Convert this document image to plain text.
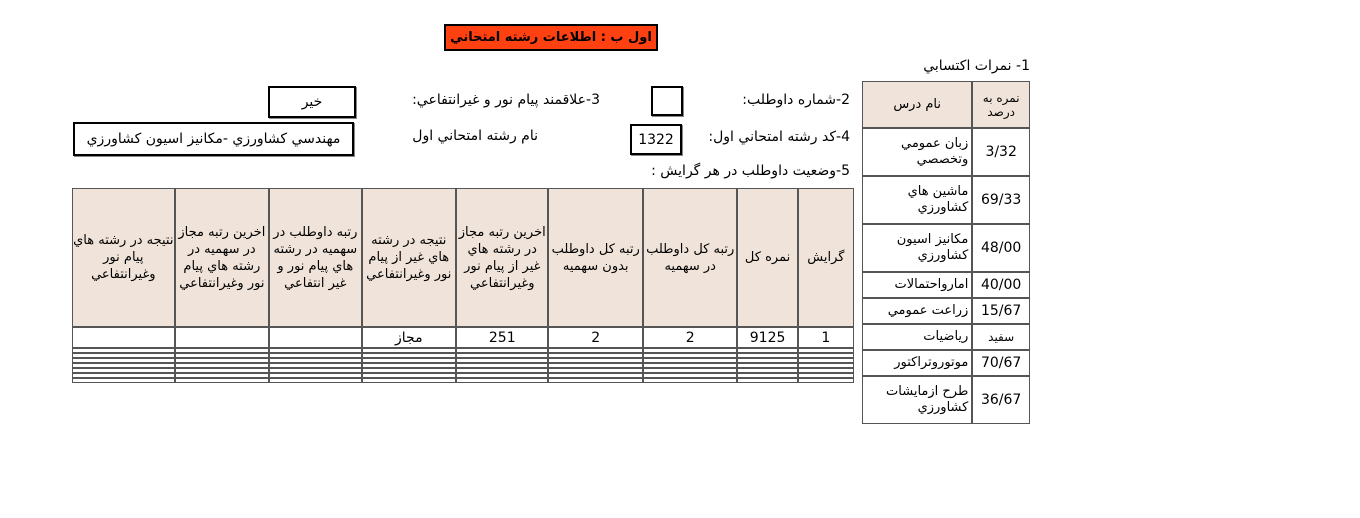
اول ب : اطلاعات رشته امتحاني
1- نمرات اكتسابي
نمره به درصد	نام درس
3/32	زبان عمومي وتخصصي
69/33	ماشين هاي كشاورزي
48/00	مكانيز اسيون كشاورزي
40/00	امارواحتمالات
15/67	زراعت عمومي
سفيد	رياضيات
70/67	موتوروتراكتور
36/67	طرح ازمايشات كشاورزي
2-شماره داوطلب:
3-علاقمند پيام نور و غيرانتفاعي:
خير
4-كد رشته امتحاني اول:
1322
نام رشته امتحاني اول
مهندسي كشاورزي -مكانيز اسيون كشاورزي
5-وضعيت داوطلب در هر گرايش :
گرايش	نمره كل	رتبه كل داوطلب در سهميه	رتبه كل داوطلب بدون سهميه	اخرين رتبه مجاز در رشته هاي غير از پيام نور وغيرانتفاعي	نتيجه در رشته هاي غير از پيام نور وغيرانتفاعي	رتبه داوطلب در سهميه در رشته هاي پيام نور و غير انتفاعي	اخرين رتبه مجاز در سهميه در رشته هاي پيام نور وغيرانتفاعي	نتيجه در رشته هاي پيام نور وغيرانتفاعي
1	9125	2	2	251	مجاز			
